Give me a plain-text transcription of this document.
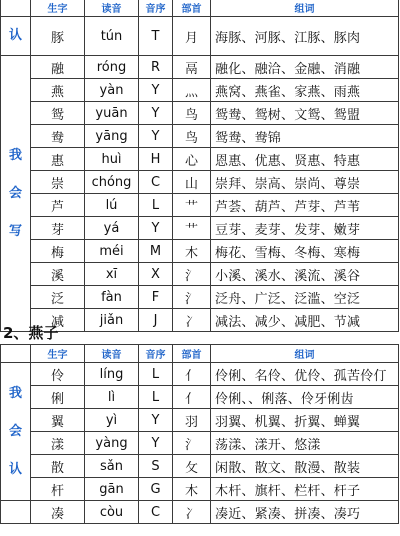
	生字	读音	音序	部首	组词

认	豚	tún	T	月	海豚、河豚、江豚、豚肉

我
会
写	融	róng	R	鬲	融化、融洽、金融、消融
	燕	yàn	Y	灬	燕窝、燕雀、家燕、雨燕
	鸳	yuān	Y	鸟	鸳鸯、鸳树、文鸳、鸳盟
	鸯	yāng	Y	鸟	鸳鸯、鸯锦
	惠	huì	H	心	恩惠、优惠、贤惠、特惠
	崇	chóng	C	山	崇拜、崇高、崇尚、尊崇
	芦	lú	L	艹	芦荟、葫芦、芦芽、芦苇
	芽	yá	Y	艹	豆芽、麦芽、发芽、嫩芽
	梅	méi	M	木	梅花、雪梅、冬梅、寒梅
	溪	xī	X	氵	小溪、溪水、溪流、溪谷
	泛	fàn	F	氵	泛舟、广泛、泛滥、空泛
	减	jiǎn	J	冫	减法、减少、减肥、节减
2、燕子
	生字	读音	音序	部首	组词

我
会
认	伶	líng	L	亻	伶俐、名伶、优伶、孤苦伶仃
	俐	lì	L	亻	伶俐、、俐落、伶牙俐齿
	翼	yì	Y	羽	羽翼、机翼、折翼、蝉翼
	漾	yàng	Y	氵	荡漾、漾开、悠漾
	散	sǎn	S	攵	闲散、散文、散漫、散装
	杆	gān	G	木	木杆、旗杆、栏杆、杆子
	凑	còu	C	冫	凑近、紧凑、拼凑、凑巧
